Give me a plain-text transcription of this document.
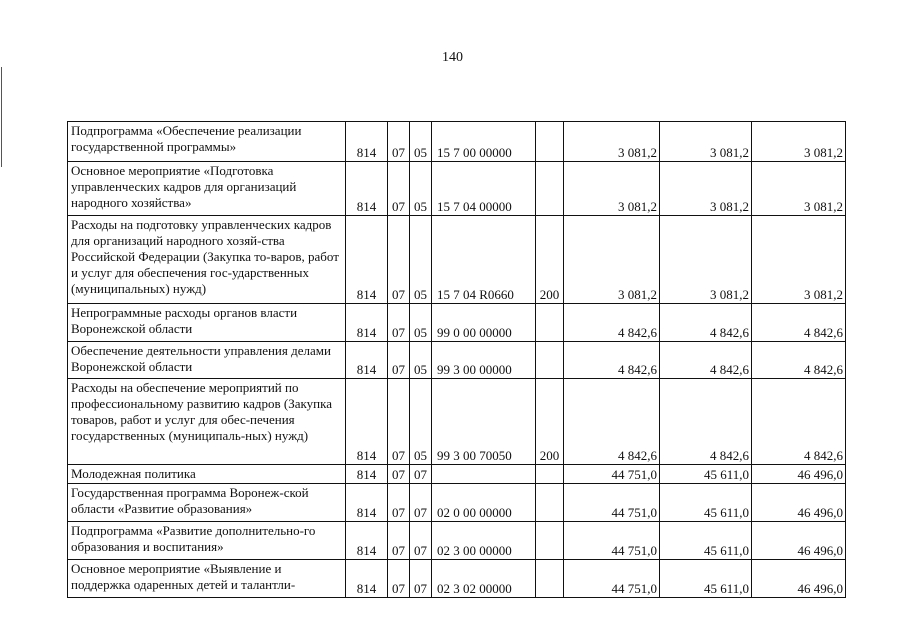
140
Подпрограмма «Обеспечение реализации государственной программы»	814	07	05	15 7 00 00000		3 081,2	3 081,2	3 081,2
Основное мероприятие «Подготовка управленческих кадров для организаций народного хозяйства»	814	07	05	15 7 04 00000		3 081,2	3 081,2	3 081,2
Расходы на подготовку управленческих кадров для организаций народного хозяй-ства Российской Федерации (Закупка то-варов, работ и услуг для обеспечения гос-ударственных (муниципальных) нужд)	814	07	05	15 7 04 R0660	200	3 081,2	3 081,2	3 081,2
Непрограммные расходы органов власти Воронежской области	814	07	05	99 0 00 00000		4 842,6	4 842,6	4 842,6
Обеспечение деятельности управления делами Воронежской области	814	07	05	99 3 00 00000		4 842,6	4 842,6	4 842,6
Расходы на обеспечение мероприятий по профессиональному развитию кадров (Закупка товаров, работ и услуг для обес-печения государственных (муниципаль-ных) нужд)	814	07	05	99 3 00 70050	200	4 842,6	4 842,6	4 842,6
Молодежная политика	814	07	07			44 751,0	45 611,0	46 496,0
Государственная программа Воронеж-ской области «Развитие образования»	814	07	07	02 0 00 00000		44 751,0	45 611,0	46 496,0
Подпрограмма «Развитие дополнительно-го образования и воспитания»	814	07	07	02 3 00 00000		44 751,0	45 611,0	46 496,0
Основное мероприятие «Выявление и поддержка одаренных детей и талантли-	814	07	07	02 3 02 00000		44 751,0	45 611,0	46 496,0
